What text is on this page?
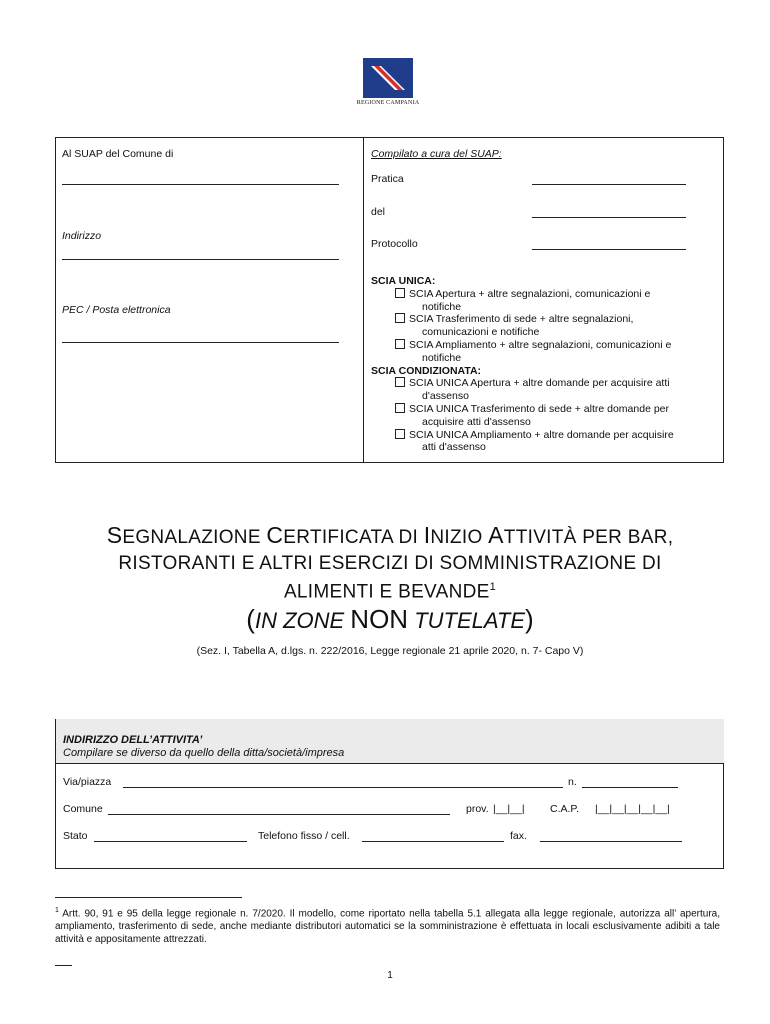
REGIONE CAMPANIA
Al SUAP del Comune di
Indirizzo
PEC / Posta elettronica
Compilato a cura del SUAP:
Pratica
del
Protocollo
SCIA UNICA:
SCIA Apertura + altre segnalazioni, comunicazioni e
notifiche
SCIA Trasferimento di sede + altre segnalazioni,
comunicazioni e notifiche
SCIA Ampliamento + altre segnalazioni, comunicazioni e
notifiche
SCIA CONDIZIONATA:
SCIA UNICA Apertura + altre domande per acquisire atti
d'assenso
SCIA UNICA Trasferimento di sede + altre domande per
acquisire atti d'assenso
SCIA UNICA Ampliamento + altre domande per acquisire
atti d'assenso
SEGNALAZIONE CERTIFICATA DI INIZIO ATTIVITÀ PER BAR,
RISTORANTI E ALTRI ESERCIZI DI SOMMINISTRAZIONE DI
ALIMENTI E BEVANDE$^1$
(IN ZONE NON TUTELATE)
(Sez. I, Tabella A, d.lgs. n. 222/2016, Legge regionale 21 aprile 2020, n. 7- Capo V)
INDIRIZZO DELL’ATTIVITA’
Compilare se diverso da quello della ditta/società/impresa
Via/piazza	n.
Comune	prov. |__|__| C.A.P. |__|__|__|__|__|
Stato	Telefono fisso / cell.	fax.
$^1$ Artt. 90, 91 e 95 della legge regionale n. 7/2020. Il modello, come riportato nella tabella 5.1 allegata alla legge regionale, autorizza all’ apertura, ampliamento, trasferimento di sede, anche mediante distributori automatici se la somministrazione è effettuata in locali esclusivamente adibiti a tale attività e appositamente attrezzati.
1
